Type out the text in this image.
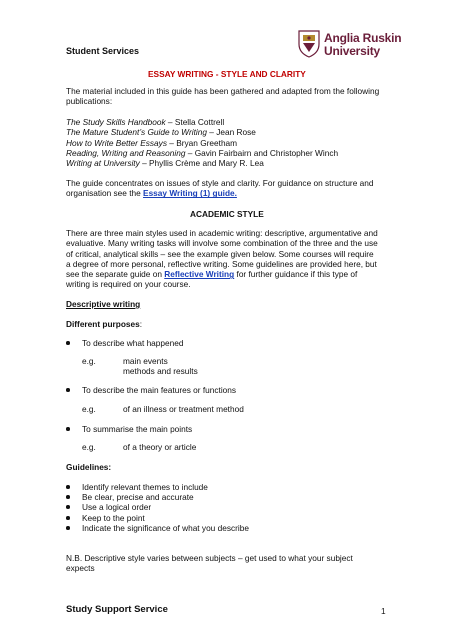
Student Services
Anglia Ruskin
University
ESSAY WRITING - STYLE AND CLARITY
The material included in this guide has been gathered and adapted from the following
publications:
The Study Skills Handbook – Stella Cottrell
The Mature Student’s Guide to Writing – Jean Rose
How to Write Better Essays – Bryan Greetham
Reading, Writing and Reasoning – Gavin Fairbairn and Christopher Winch
Writing at University – Phyllis Crème and Mary R. Lea
The guide concentrates on issues of style and clarity. For guidance on structure and
organisation see the Essay Writing (1) guide.
ACADEMIC STYLE
There are three main styles used in academic writing: descriptive, argumentative and
evaluative. Many writing tasks will involve some combination of the three and the use
of critical, analytical skills – see the example given below. Some courses will require
a degree of more personal, reflective writing. Some guidelines are provided here, but
see the separate guide on Reflective Writing for further guidance if this type of
writing is required on your course.
Descriptive writing
Different purposes:
To describe what happened
e.g.	main events
methods and results
To describe the main features or functions
e.g.	of an illness or treatment method
To summarise the main points
e.g.	of a theory or article
Guidelines:
Identify relevant themes to include
Be clear, precise and accurate
Use a logical order
Keep to the point
Indicate the significance of what you describe
N.B. Descriptive style varies between subjects – get used to what your subject
expects
Study Support Service	1
